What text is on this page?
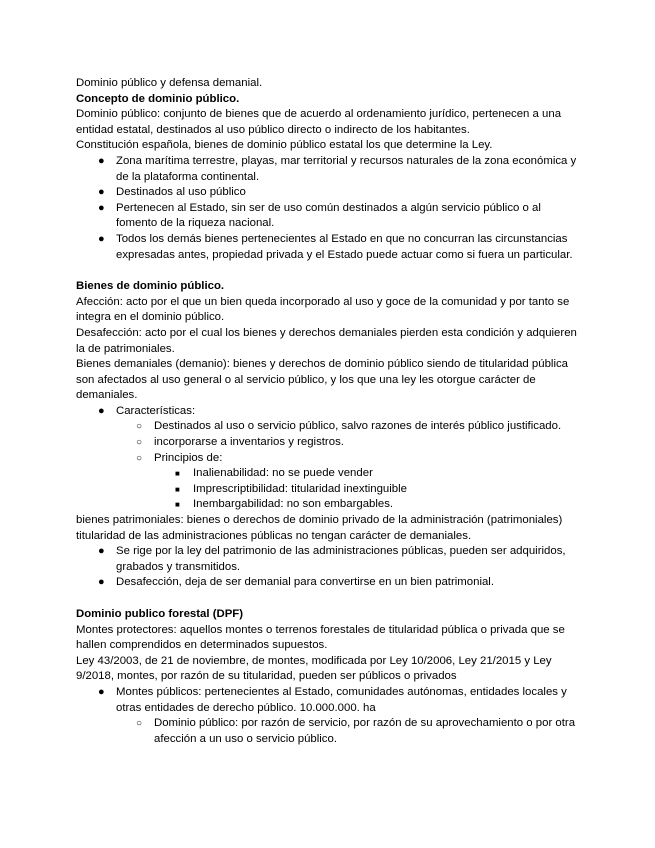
Dominio público y defensa demanial.

Concepto de dominio público.

Dominio público: conjunto de bienes que de acuerdo al ordenamiento jurídico, pertenecen a una entidad estatal, destinados al uso público directo o indirecto de los habitantes.

Constitución española, bienes de dominio público estatal los que determine la Ley.

● Zona marítima terrestre, playas, mar territorial y recursos naturales de la zona económica y de la plataforma continental.
● Destinados al uso público
● Pertenecen al Estado, sin ser de uso común destinados a algún servicio público o al fomento de la riqueza nacional.
● Todos los demás bienes pertenecientes al Estado en que no concurran las circunstancias expresadas antes, propiedad privada y el Estado puede actuar como si fuera un particular.

Bienes de dominio público.

Afección: acto por el que un bien queda incorporado al uso y goce de la comunidad y por tanto se integra en el dominio público.

Desafección: acto por el cual los bienes y derechos demaniales pierden esta condición y adquieren la de patrimoniales.

Bienes demaniales (demanio): bienes y derechos de dominio público siendo de titularidad pública son afectados al uso general o al servicio público, y los que una ley les otorgue carácter de demaniales.

● Características:
○ Destinados al uso o servicio público, salvo razones de interés público justificado.
○ incorporarse a inventarios y registros.
○ Principios de:
■ Inalienabilidad: no se puede vender
■ Imprescriptibilidad: titularidad inextinguible
■ Inembargabilidad: no son embargables.

bienes patrimoniales: bienes o derechos de dominio privado de la administración (patrimoniales) titularidad de las administraciones públicas no tengan carácter de demaniales.

● Se rige por la ley del patrimonio de las administraciones públicas, pueden ser adquiridos, grabados y transmitidos.
● Desafección, deja de ser demanial para convertirse en un bien patrimonial.

Dominio publico forestal (DPF)

Montes protectores: aquellos montes o terrenos forestales de titularidad pública o privada que se hallen comprendidos en determinados supuestos.

Ley 43/2003, de 21 de noviembre, de montes, modificada por Ley 10/2006, Ley 21/2015 y Ley 9/2018, montes, por razón de su titularidad, pueden ser públicos o privados

● Montes públicos: pertenecientes al Estado, comunidades autónomas, entidades locales y otras entidades de derecho público. 10.000.000. ha
○ Dominio público: por razón de servicio, por razón de su aprovechamiento o por otra afección a un uso o servicio público.
